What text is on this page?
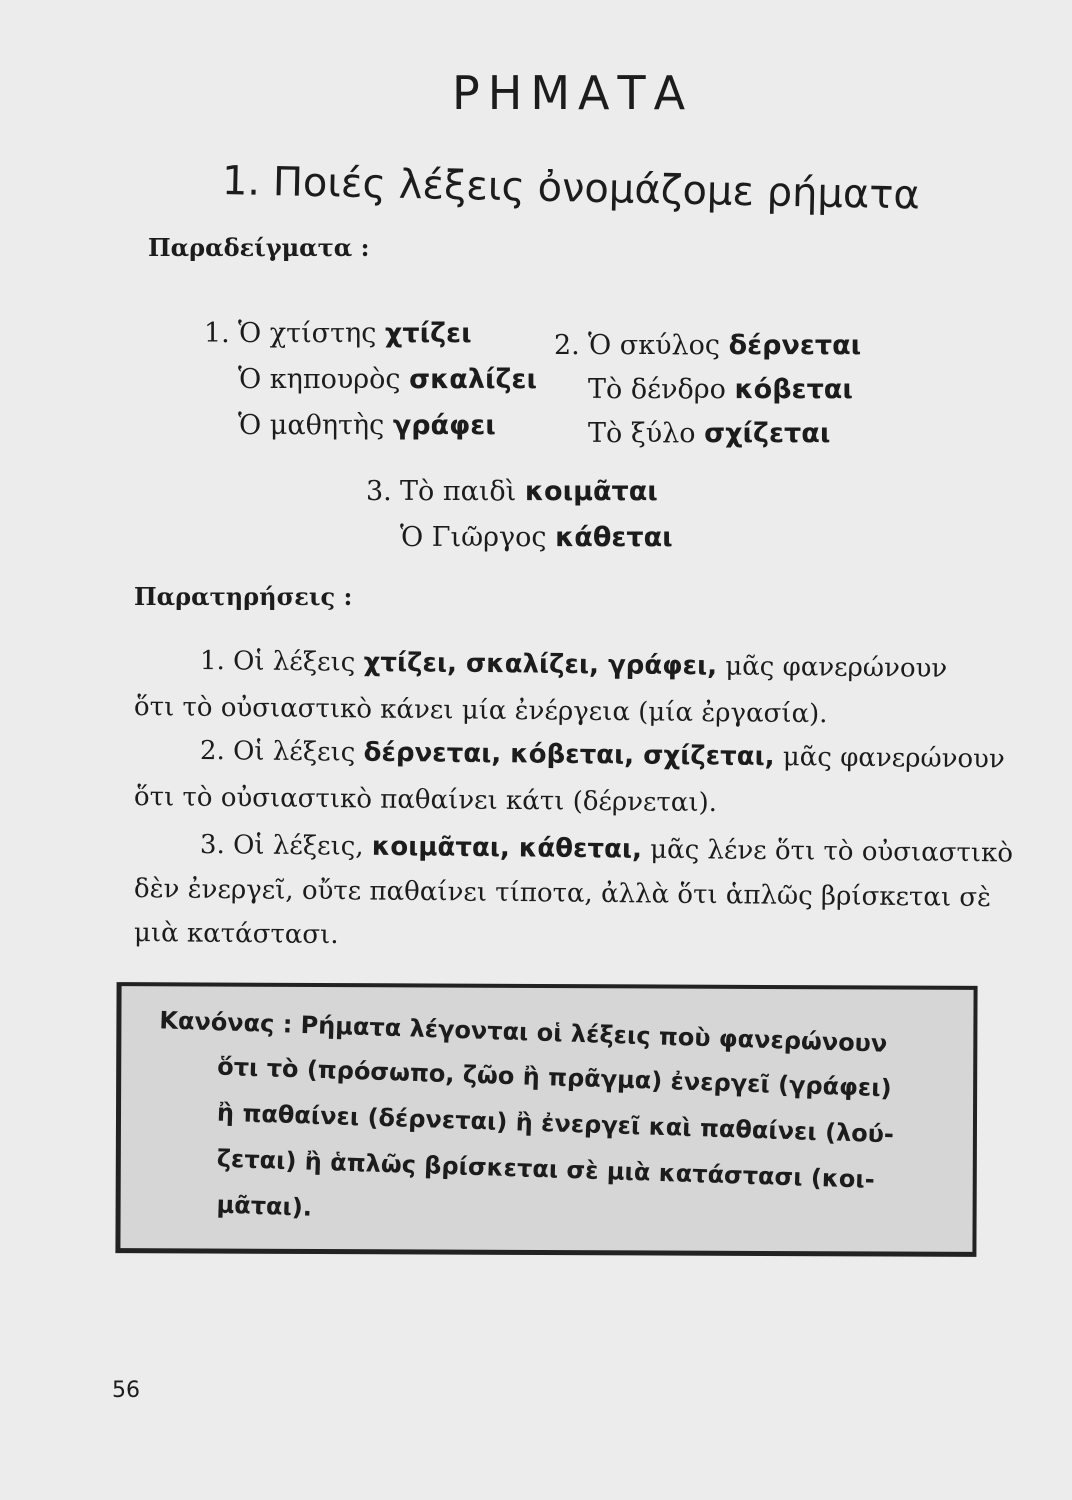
ΡΗΜΑΤΑ
1. Ποιές λέξεις ὀνομάζομε ρήματα
Παραδείγματα :
1. Ὁ χτίστης χτίζει
Ὁ κηπουρὸς σκαλίζει
Ὁ μαθητὴς γράφει
2. Ὁ σκύλος δέρνεται
Τὸ δένδρο κόβεται
Τὸ ξύλο σχίζεται
3. Τὸ παιδὶ κοιμᾶται
Ὁ Γιῶργος κάθεται
Παρατηρήσεις :
1. Οἱ λέξεις χτίζει, σκαλίζει, γράφει, μᾶς φανερώνουν
ὅτι τὸ οὐσιαστικὸ κάνει μία ἐνέργεια (μία ἐργασία).
2. Οἱ λέξεις δέρνεται, κόβεται, σχίζεται, μᾶς φανερώνουν
ὅτι τὸ οὐσιαστικὸ παθαίνει κάτι (δέρνεται).
3. Οἱ λέξεις, κοιμᾶται, κάθεται, μᾶς λένε ὅτι τὸ οὐσιαστικὸ
δὲν ἐνεργεῖ, οὔτε παθαίνει τίποτα, ἀλλὰ ὅτι ἁπλῶς βρίσκεται σὲ
μιὰ κατάστασι.
Κανόνας : Ρήματα λέγονται οἱ λέξεις ποὺ φανερώνουν
ὅτι τὸ (πρόσωπο, ζῶο ἢ πρᾶγμα) ἐνεργεῖ (γράφει)
ἢ παθαίνει (δέρνεται) ἢ ἐνεργεῖ καὶ παθαίνει (λού-
ζεται) ἢ ἁπλῶς βρίσκεται σὲ μιὰ κατάστασι (κοι-
μᾶται).
56
